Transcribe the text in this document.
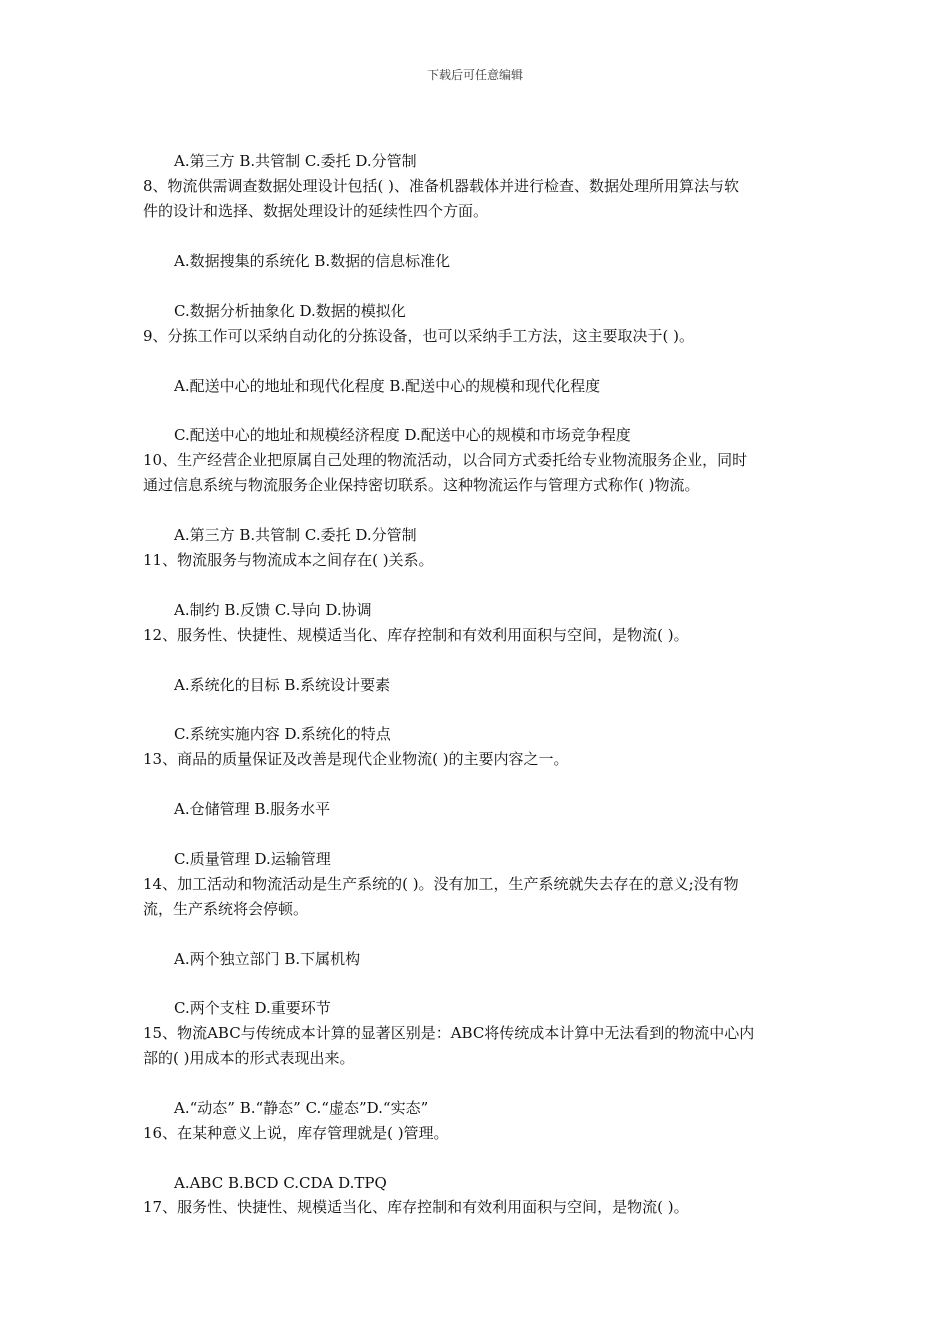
下载后可任意编辑
A.第三方 B.共管制 C.委托 D.分管制
8、物流供需调查数据处理设计包括( )、准备机器载体并进行检查、数据处理所用算法与软
件的设计和选择、数据处理设计的延续性四个方面。
A.数据搜集的系统化 B.数据的信息标准化
C.数据分析抽象化 D.数据的模拟化
9、分拣工作可以采纳自动化的分拣设备，也可以采纳手工方法，这主要取决于( )。
A.配送中心的地址和现代化程度 B.配送中心的规模和现代化程度
C.配送中心的地址和规模经济程度 D.配送中心的规模和市场竞争程度
10、生产经营企业把原属自己处理的物流活动，以合同方式委托给专业物流服务企业，同时
通过信息系统与物流服务企业保持密切联系。这种物流运作与管理方式称作( )物流。
A.第三方 B.共管制 C.委托 D.分管制
11、物流服务与物流成本之间存在( )关系。
A.制约 B.反馈 C.导向 D.协调
12、服务性、快捷性、规模适当化、库存控制和有效利用面积与空间，是物流( )。
A.系统化的目标 B.系统设计要素
C.系统实施内容 D.系统化的特点
13、商品的质量保证及改善是现代企业物流( )的主要内容之一。
A.仓储管理 B.服务水平
C.质量管理 D.运输管理
14、加工活动和物流活动是生产系统的( )。没有加工，生产系统就失去存在的意义;没有物
流，生产系统将会停顿。
A.两个独立部门 B.下属机构
C.两个支柱 D.重要环节
15、物流ABC与传统成本计算的显著区别是：ABC将传统成本计算中无法看到的物流中心内
部的( )用成本的形式表现出来。
A.“动态” B.“静态” C.“虚态”D.“实态”
16、在某种意义上说，库存管理就是( )管理。
A.ABC B.BCD C.CDA D.TPQ
17、服务性、快捷性、规模适当化、库存控制和有效利用面积与空间，是物流( )。
